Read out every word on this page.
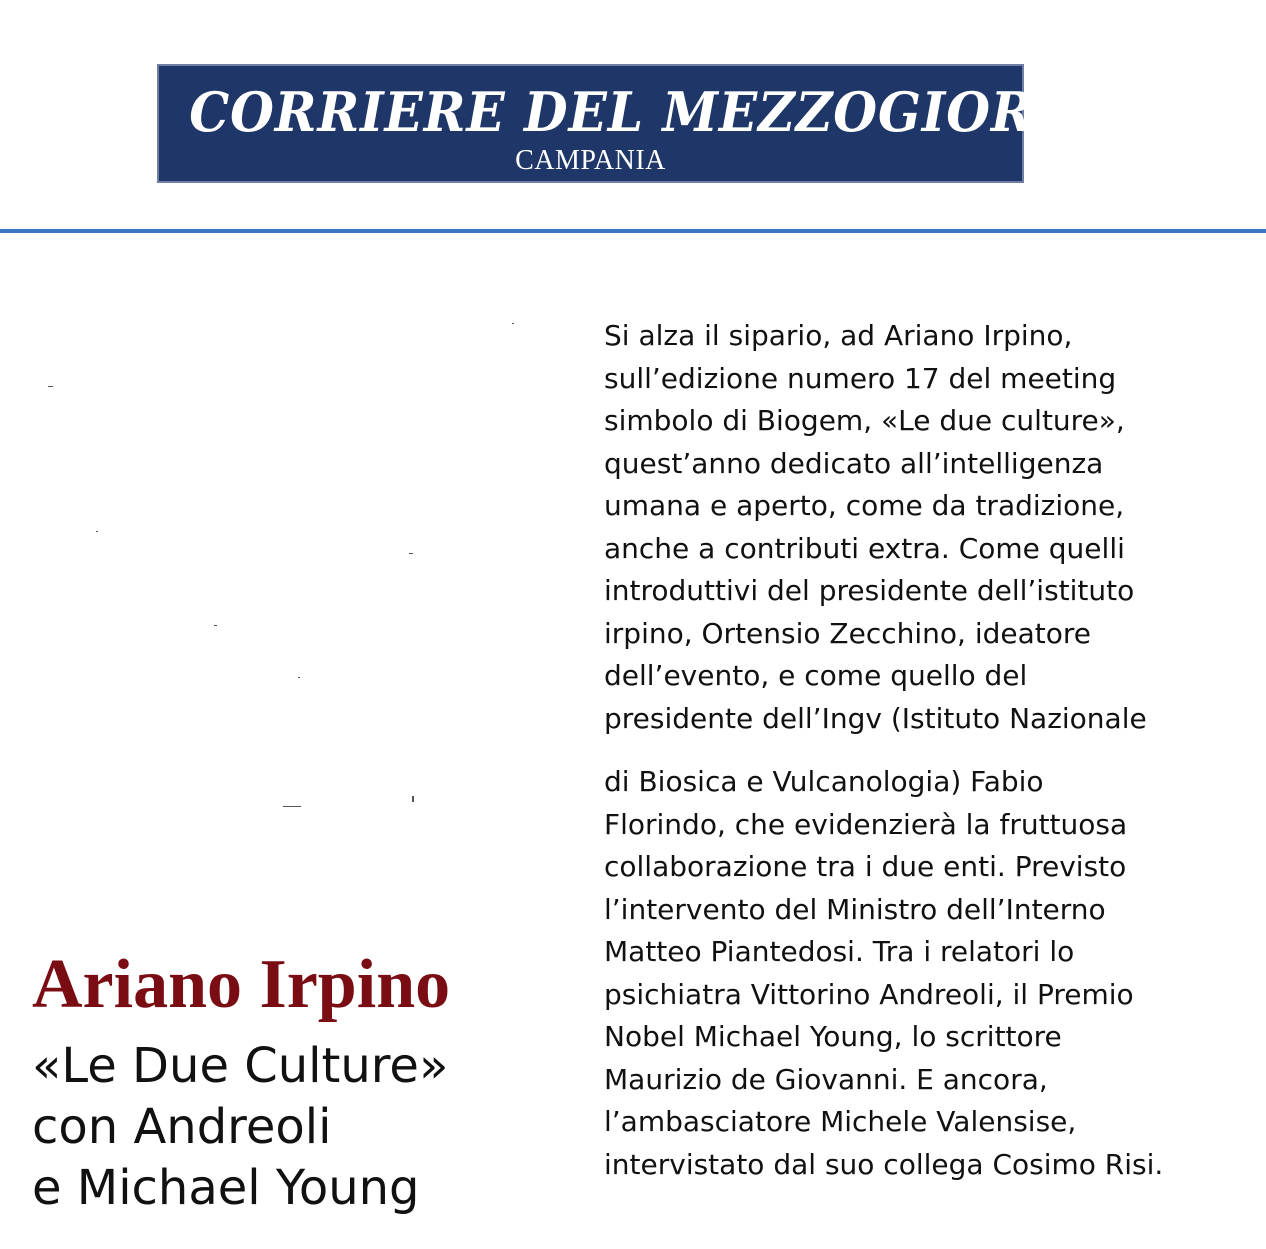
CORRIERE DEL MEZZOGIORNO
CAMPANIA
Ariano Irpino
«Le Due Culture»
con Andreoli
e Michael Young
Si alza il sipario, ad Ariano Irpino,
sull’edizione numero 17 del meeting
simbolo di Biogem, «Le due culture»,
quest’anno dedicato all’intelligenza
umana e aperto, come da tradizione,
anche a contributi extra. Come quelli
introduttivi del presidente dell’istituto
irpino, Ortensio Zecchino, ideatore
dell’evento, e come quello del
presidente dell’Ingv (Istituto Nazionale
di Biosica e Vulcanologia) Fabio
Florindo, che evidenzierà la fruttuosa
collaborazione tra i due enti. Previsto
l’intervento del Ministro dell’Interno
Matteo Piantedosi. Tra i relatori lo
psichiatra Vittorino Andreoli, il Premio
Nobel Michael Young, lo scrittore
Maurizio de Giovanni. E ancora,
l’ambasciatore Michele Valensise,
intervistato dal suo collega Cosimo Risi.
